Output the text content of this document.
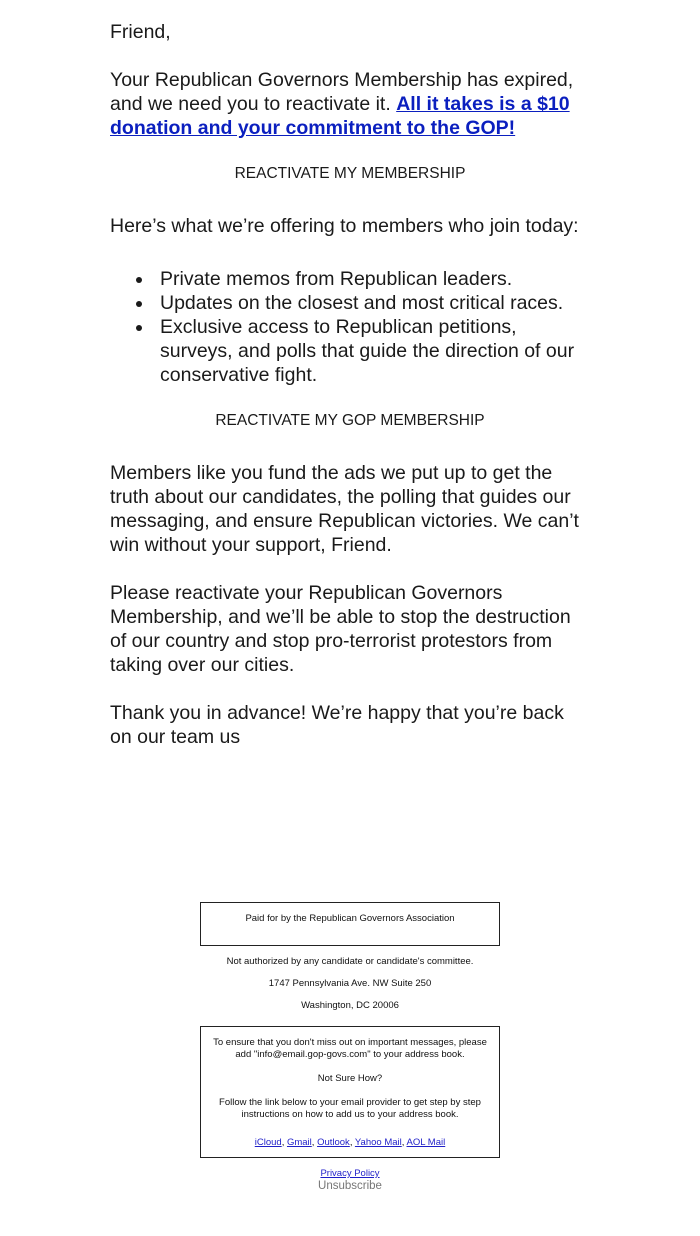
Friend,

Your Republican Governors Membership has expired, and we need you to reactivate it. All it takes is a $10 donation and your commitment to the GOP!

REACTIVATE MY MEMBERSHIP

Here’s what we’re offering to members who join today:

Private memos from Republican leaders.
Updates on the closest and most critical races.
Exclusive access to Republican petitions, surveys, and polls that guide the direction of our conservative fight.
REACTIVATE MY GOP MEMBERSHIP

Members like you fund the ads we put up to get the truth about our candidates, the polling that guides our messaging, and ensure Republican victories. We can’t win without your support, Friend.

Please reactivate your Republican Governors Membership, and we’ll be able to stop the destruction of our country and stop pro-terrorist protestors from taking over our cities.

Thank you in advance! We’re happy that you’re back on our team us

Paid for by the Republican Governors Association
Not authorized by any candidate or candidate's committee.
1747 Pennsylvania Ave. NW Suite 250
Washington, DC 20006
To ensure that you don't miss out on important messages, please add "info@email.gop-govs.com" to your address book.
Not Sure How?
Follow the link below to your email provider to get step by step instructions on how to add us to your address book.
iCloud, Gmail, Outlook, Yahoo Mail, AOL Mail
Privacy Policy
Unsubscribe
